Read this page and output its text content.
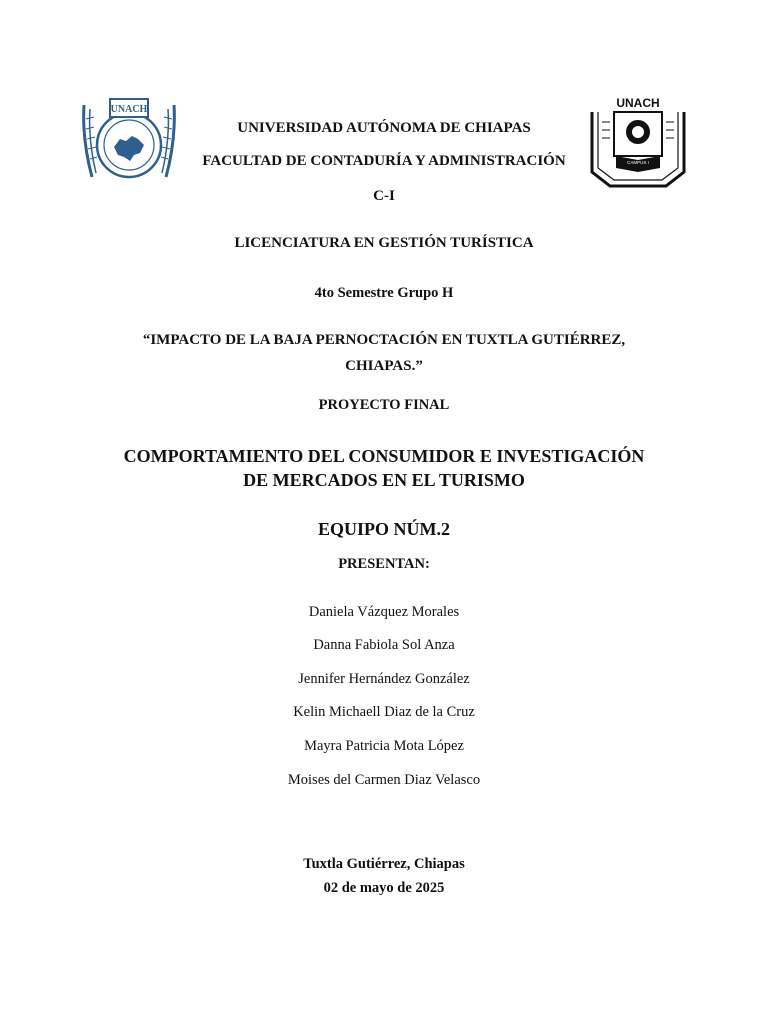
UNACH	UNACH
CAMPUS I

UNIVERSIDAD AUTÓNOMA DE CHIAPAS

FACULTAD DE CONTADURÍA Y ADMINISTRACIÓN

C-I

LICENCIATURA EN GESTIÓN TURÍSTICA

4to Semestre Grupo H

“IMPACTO DE LA BAJA PERNOCTACIÓN EN TUXTLA GUTIÉRREZ,

CHIAPAS.”

PROYECTO FINAL

COMPORTAMIENTO DEL CONSUMIDOR E INVESTIGACIÓN

DE MERCADOS EN EL TURISMO

EQUIPO NÚM.2

PRESENTAN:

Daniela Vázquez Morales

Danna Fabiola Sol Anza

Jennifer Hernández González

Kelin Michaell Diaz de la Cruz

Mayra Patricia Mota López

Moises del Carmen Diaz Velasco

Tuxtla Gutiérrez, Chiapas

02 de mayo de 2025
